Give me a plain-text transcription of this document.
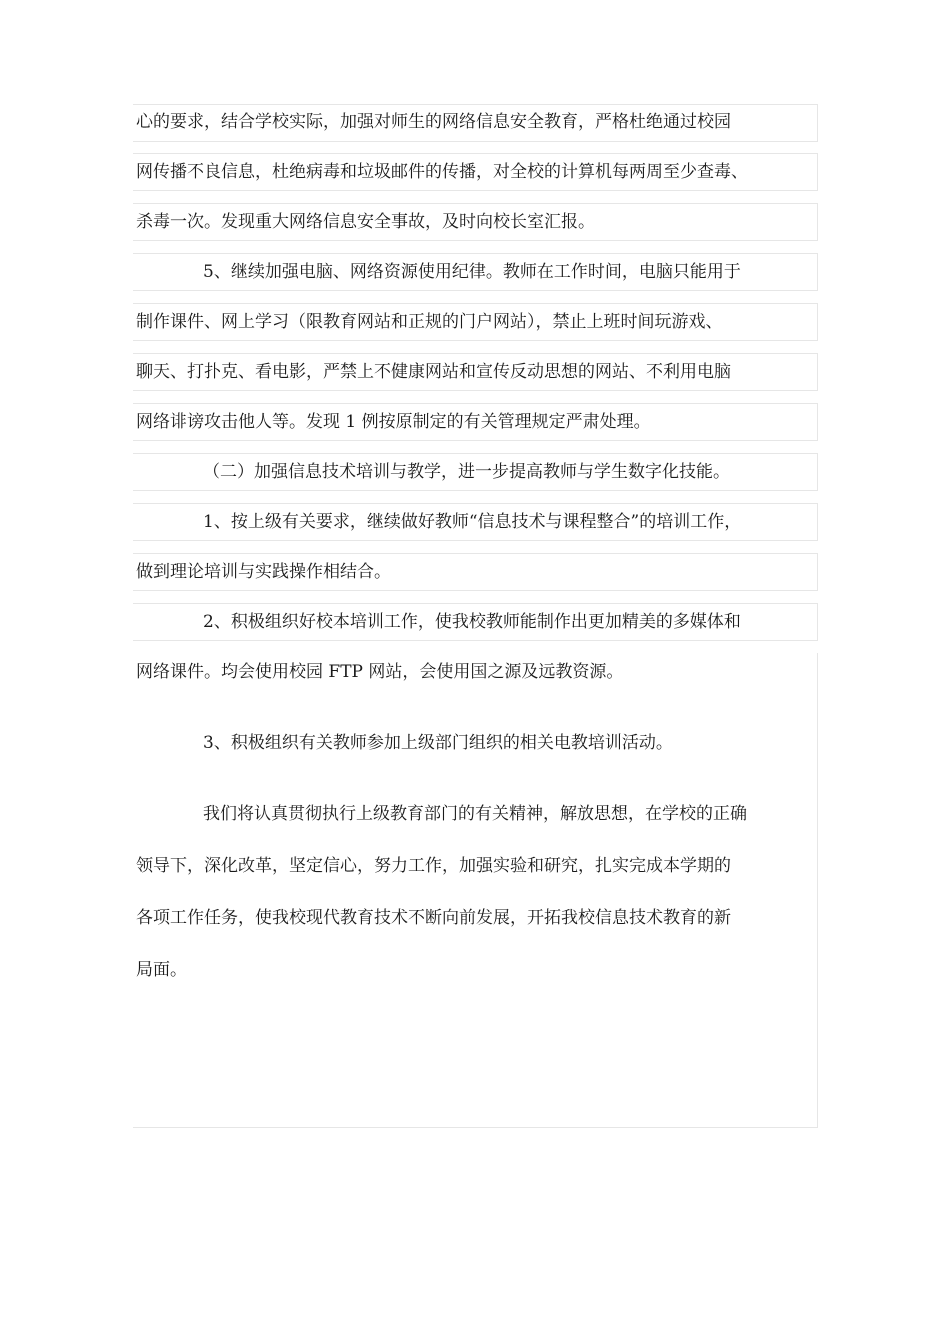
心的要求，结合学校实际，加强对师生的网络信息安全教育，严格杜绝通过校园
网传播不良信息，杜绝病毒和垃圾邮件的传播，对全校的计算机每两周至少查毒、
杀毒一次。发现重大网络信息安全事故，及时向校长室汇报。
5、继续加强电脑、网络资源使用纪律。教师在工作时间，电脑只能用于
制作课件、网上学习（限教育网站和正规的门户网站），禁止上班时间玩游戏、
聊天、打扑克、看电影，严禁上不健康网站和宣传反动思想的网站、不利用电脑
网络诽谤攻击他人等。发现 1 例按原制定的有关管理规定严肃处理。
（二）加强信息技术培训与教学，进一步提高教师与学生数字化技能。
1、按上级有关要求，继续做好教师“信息技术与课程整合”的培训工作，
做到理论培训与实践操作相结合。
2、积极组织好校本培训工作，使我校教师能制作出更加精美的多媒体和
网络课件。均会使用校园 FTP 网站，会使用国之源及远教资源。
3、积极组织有关教师参加上级部门组织的相关电教培训活动。
我们将认真贯彻执行上级教育部门的有关精神，解放思想，在学校的正确
领导下，深化改革，坚定信心，努力工作，加强实验和研究，扎实完成本学期的
各项工作任务，使我校现代教育技术不断向前发展，开拓我校信息技术教育的新
局面。
